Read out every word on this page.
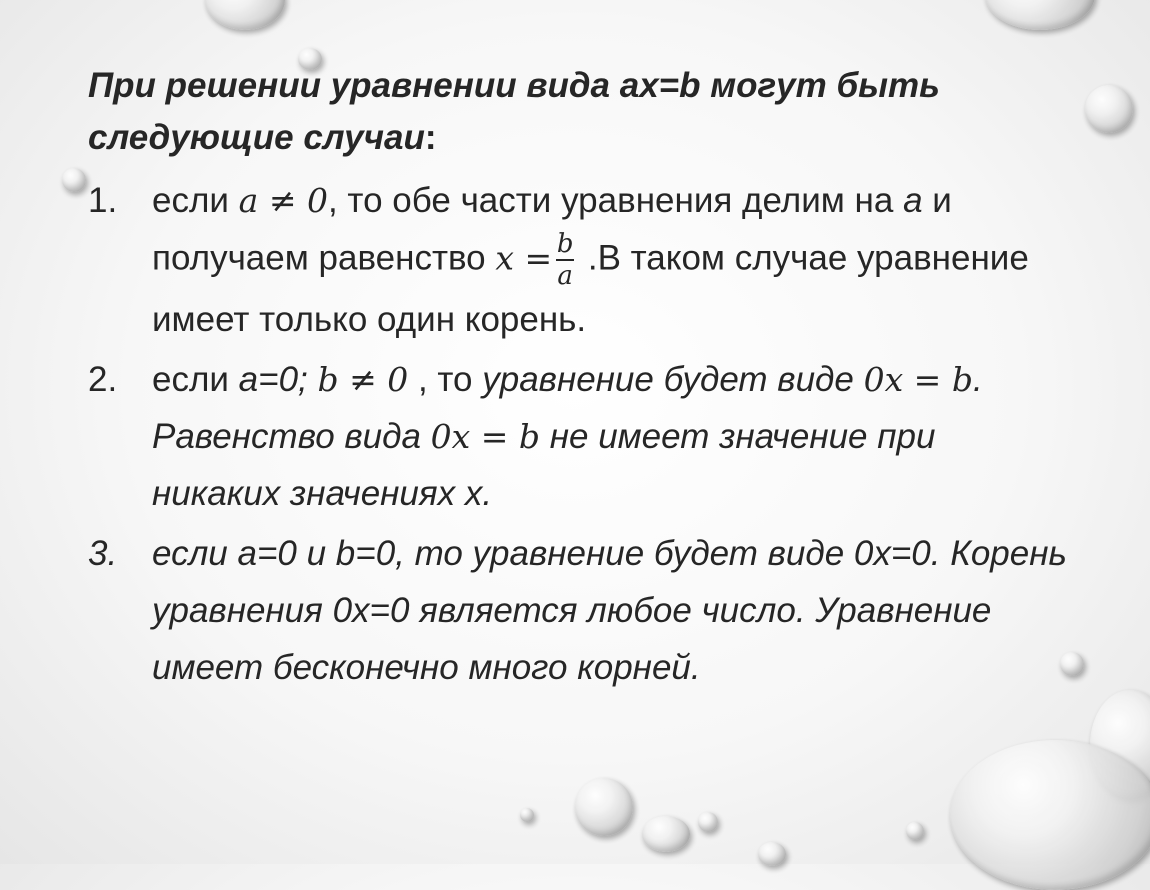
При решении уравнении вида ax=b могут быть следующие случаи:
1. если a ≠ 0, то обе части уравнения делим на a и получаем равенство $x = \frac{b}{a} .В$ таком случае уравнение имеет только один корень.
2. если a=0; b ≠ 0 , то уравнение будет виде 0x = b. Равенство вида 0x = b не имеет значение при никаких значениях x.
3. если a=0 и b=0, то уравнение будет виде 0x=0. Корень уравнения 0x=0 является любое число. Уравнение имеет бесконечно много корней.
